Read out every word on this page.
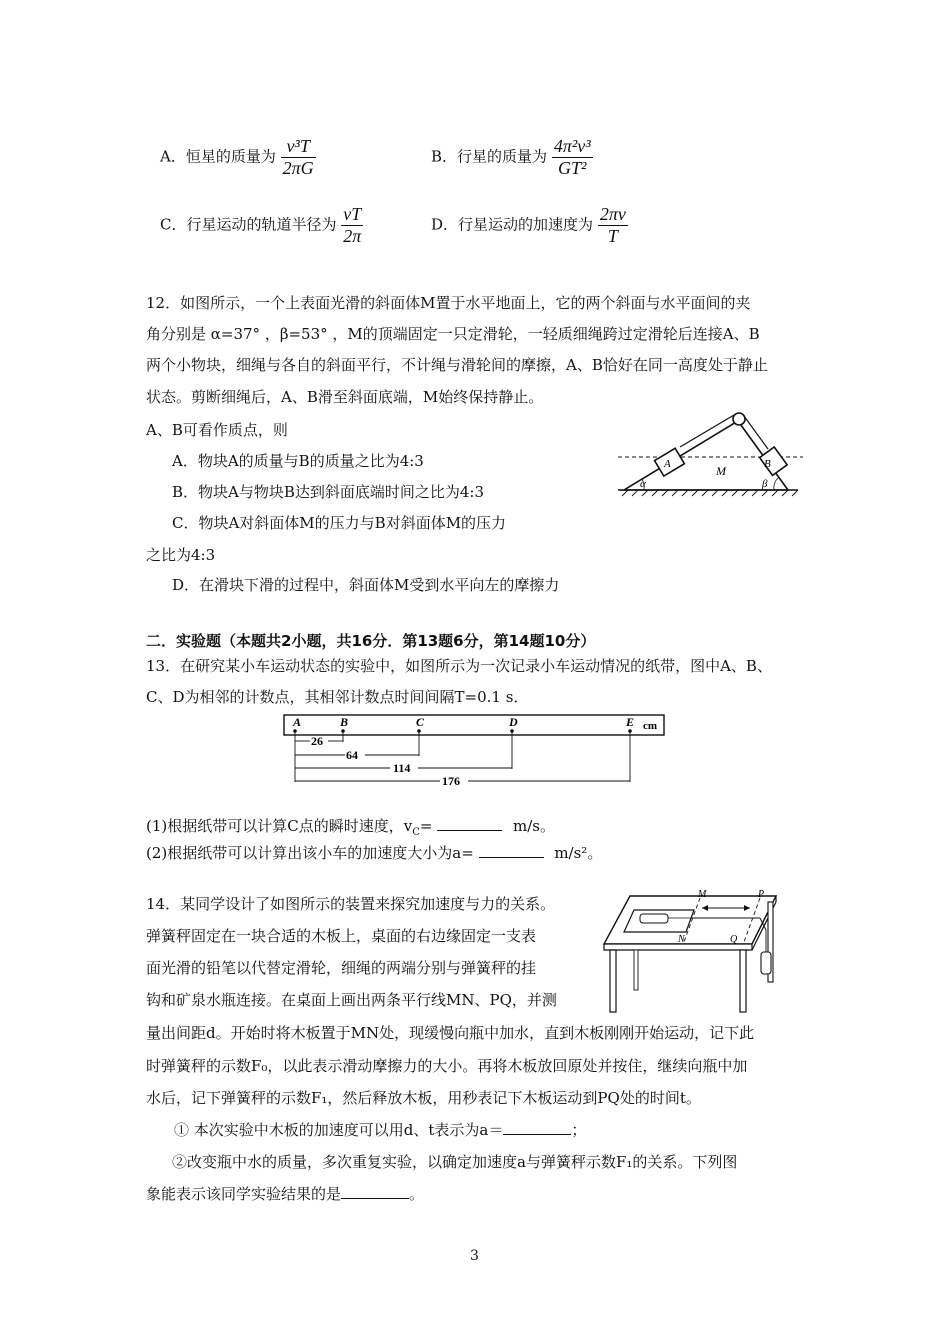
A．恒星的质量为 $\frac{\text{v³T}}{2\pi G}$	B．行星的质量为 $\frac{\text{4π²v³}}{\text{GT²}}$
C．行星运动的轨道半径为 $\frac{vT}{2\pi}$	D．行星运动的加速度为 $\frac{2\pi v}{T}$
12．如图所示，一个上表面光滑的斜面体M置于水平地面上，它的两个斜面与水平面间的夹
角分别是 α=37° ，β=53° ，M的顶端固定一只定滑轮，一轻质细绳跨过定滑轮后连接A、B
两个小物块，细绳与各自的斜面平行，不计绳与滑轮间的摩擦，A、B恰好在同一高度处于静止
状态。剪断细绳后，A、B滑至斜面底端，M始终保持静止。
A、B可看作质点，则
A．物块A的质量与B的质量之比为4:3
B．物块A与物块B达到斜面底端时间之比为4:3
C．物块A对斜面体M的压力与B对斜面体M的压力
之比为4:3
D．在滑块下滑的过程中，斜面体M受到水平向左的摩擦力
A	B
M
α	β
二．实验题（本题共2小题，共16分．第13题6分，第14题10分）
13．在研究某小车运动状态的实验中，如图所示为一次记录小车运动情况的纸带，图中A、B、
C、D为相邻的计数点，其相邻计数点时间间隔T=0.1 s．
A	B	C	D	E cm
26
64
114
176
(1)根据纸带可以计算C点的瞬时速度，$v_C=$	m/s。
(2)根据纸带可以计算出该小车的加速度大小为a=	m/s²。
14．某同学设计了如图所示的装置来探究加速度与力的关系。
弹簧秤固定在一块合适的木板上，桌面的右边缘固定一支表
面光滑的铅笔以代替定滑轮，细绳的两端分别与弹簧秤的挂
钩和矿泉水瓶连接。在桌面上画出两条平行线MN、PQ，并测
量出间距d。开始时将木板置于MN处，现缓慢向瓶中加水，直到木板刚刚开始运动，记下此
时弹簧秤的示数F₀，以此表示滑动摩擦力的大小。再将木板放回原处并按住，继续向瓶中加
水后，记下弹簧秤的示数F₁，然后释放木板，用秒表记下木板运动到PQ处的时间t。
① 本次实验中木板的加速度可以用d、t表示为a＝	；
②改变瓶中水的质量，多次重复实验，以确定加速度a与弹簧秤示数F₁的关系。下列图
象能表示该同学实验结果的是	。
M	P
N	Q
3
